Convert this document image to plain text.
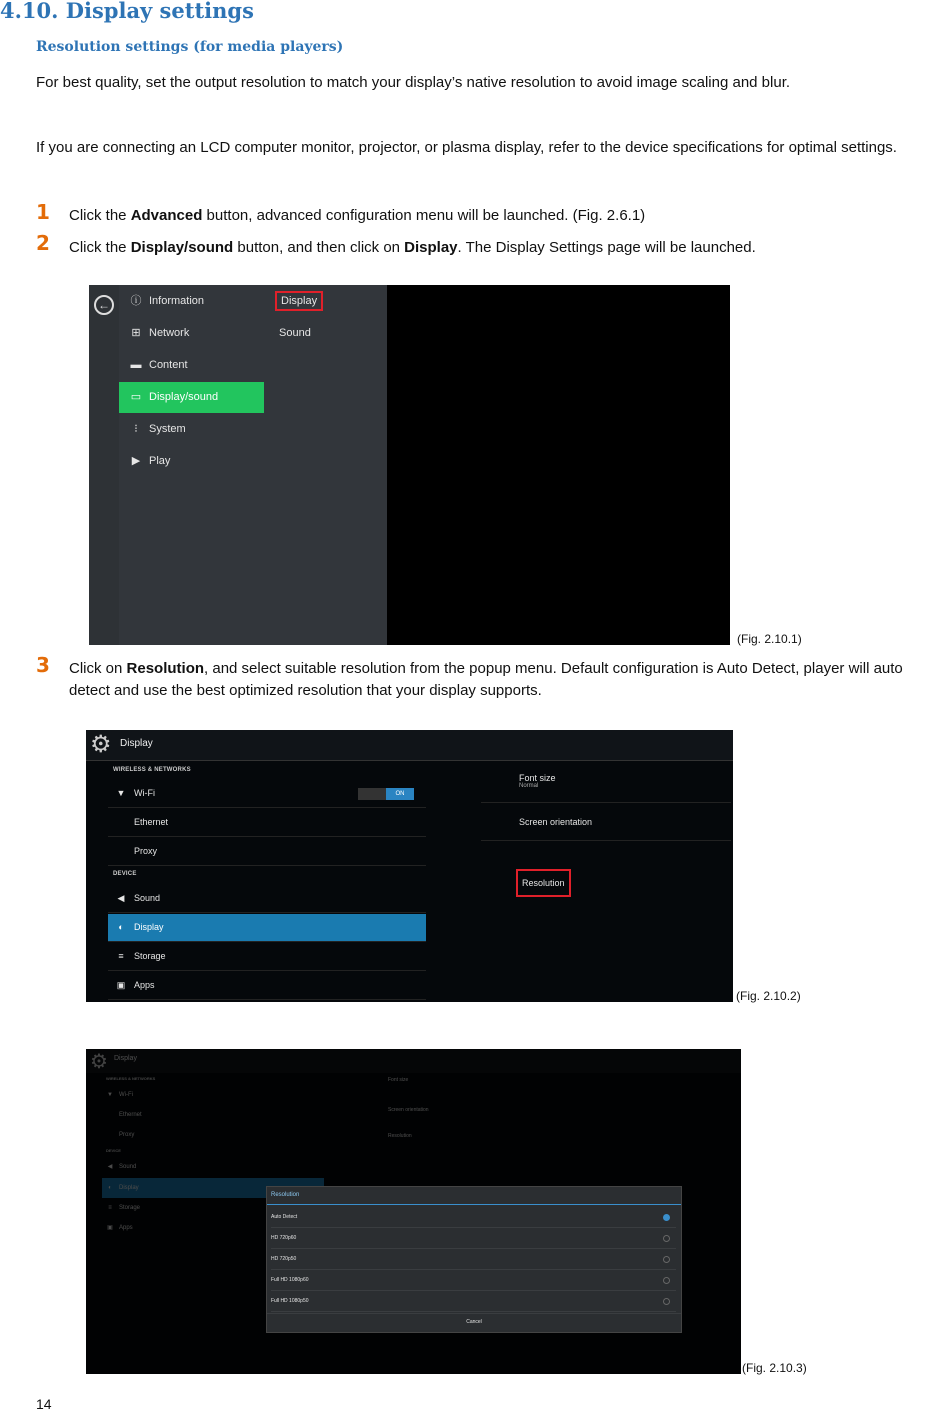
4.10. Display settings
Resolution settings (for media players)
For best quality, set the output resolution to match your display’s native resolution to avoid image scaling and blur.
If you are connecting an LCD computer monitor, projector, or plasma display, refer to the device specifications for optimal settings.
1 Click the Advanced button, advanced configuration menu will be launched. (Fig. 2.6.1)
2 Click the Display/sound button, and then click on Display. The Display Settings page will be launched.
←	ⓘ Information
⊞ Network
▬ Content
▭ Display/sound
⁝ System
▶ Play
Display
Sound
(Fig. 2.10.1)
3 Click on Resolution, and select suitable resolution from the popup menu. Default configuration is Auto Detect, player will auto detect and use the best optimized resolution that your display supports.
⚙ Display
WIRELESS & NETWORKS
▼ Wi-Fi	ON
Ethernet
Proxy
DEVICE
◀ Sound
◐ Display
≡ Storage
▣ Apps
Font size
Normal
Screen orientation
Resolution
(Fig. 2.10.2)
Resolution
Auto Detect
HD 720p60
HD 720p50
Full HD 1080p60
Full HD 1080p50
Cancel
(Fig. 2.10.3)
14
